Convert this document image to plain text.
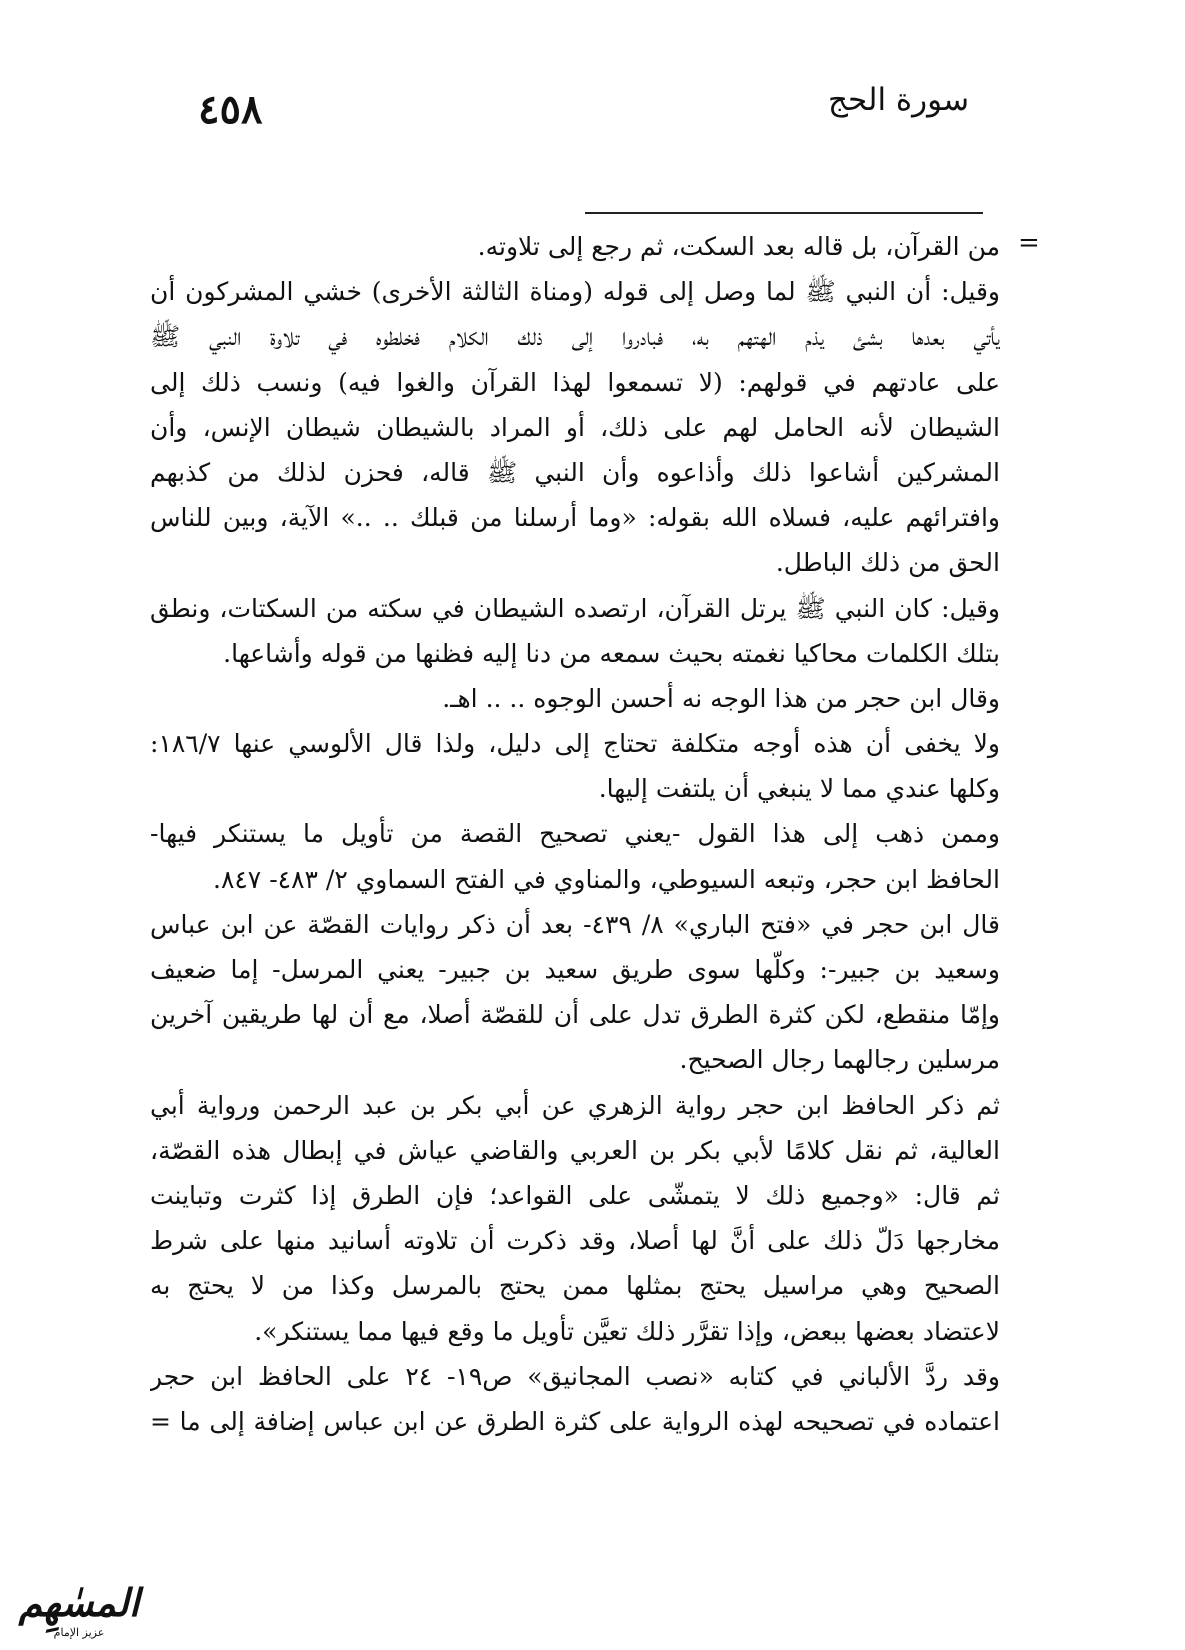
٤٥٨	سورة الحج
=
من القرآن، بل قاله بعد السكت، ثم رجع إلى تلاوته.
وقيل: أن النبي ﷺ لما وصل إلى قوله (ومناة الثالثة الأخرى) خشي المشركون أن
يأتي بعدها بشئ يذم الهتهم به، فبادروا إلى ذلك الكلام فخلطوه في تلاوة النبي ﷺ
على عادتهم في قولهم: (لا تسمعوا لهذا القرآن والغوا فيه) ونسب ذلك إلى
الشيطان لأنه الحامل لهم على ذلك، أو المراد بالشيطان شيطان الإنس، وأن
المشركين أشاعوا ذلك وأذاعوه وأن النبي ﷺ قاله، فحزن لذلك من كذبهم
وافترائهم عليه، فسلاه الله بقوله: «وما أرسلنا من قبلك .. ..» الآية، وبين للناس
الحق من ذلك الباطل.
وقيل: كان النبي ﷺ يرتل القرآن، ارتصده الشيطان في سكته من السكتات، ونطق
بتلك الكلمات محاكيا نغمته بحيث سمعه من دنا إليه فظنها من قوله وأشاعها.
وقال ابن حجر من هذا الوجه نه أحسن الوجوه .. .. اهـ.
ولا يخفى أن هذه أوجه متكلفة تحتاج إلى دليل، ولذا قال الألوسي عنها ١٨٦/٧:
وكلها عندي مما لا ينبغي أن يلتفت إليها.
وممن ذهب إلى هذا القول -يعني تصحيح القصة من تأويل ما يستنكر فيها-
الحافظ ابن حجر، وتبعه السيوطي، والمناوي في الفتح السماوي ٢/ ٤٨٣- ٨٤٧.
قال ابن حجر في «فتح الباري» ٨/ ٤٣٩- بعد أن ذكر روايات القصّة عن ابن عباس
وسعيد بن جبير-: وكلّها سوى طريق سعيد بن جبير- يعني المرسل- إما ضعيف
وإمّا منقطع، لكن كثرة الطرق تدل على أن للقصّة أصلا، مع أن لها طريقين آخرين
مرسلين رجالهما رجال الصحيح.
ثم ذكر الحافظ ابن حجر رواية الزهري عن أبي بكر بن عبد الرحمن ورواية أبي
العالية، ثم نقل كلامًا لأبي بكر بن العربي والقاضي عياش في إبطال هذه القصّة،
ثم قال: «وجميع ذلك لا يتمشّى على القواعد؛ فإن الطرق إذا كثرت وتباينت
مخارجها دَلّ ذلك على أنَّ لها أصلا، وقد ذكرت أن تلاوته أسانيد منها على شرط
الصحيح وهي مراسيل يحتج بمثلها ممن يحتج بالمرسل وكذا من لا يحتج به
لاعتضاد بعضها ببعض، وإذا تقرَّر ذلك تعيَّن تأويل ما وقع فيها مما يستنكر».
وقد ردَّ الألباني في كتابه «نصب المجانيق» ص١٩- ٢٤ على الحافظ ابن حجر
اعتماده في تصحيحه لهذه الرواية على كثرة الطرق عن ابن عباس إضافة إلى ما =
المسٰهِم
عزيز الإمام
